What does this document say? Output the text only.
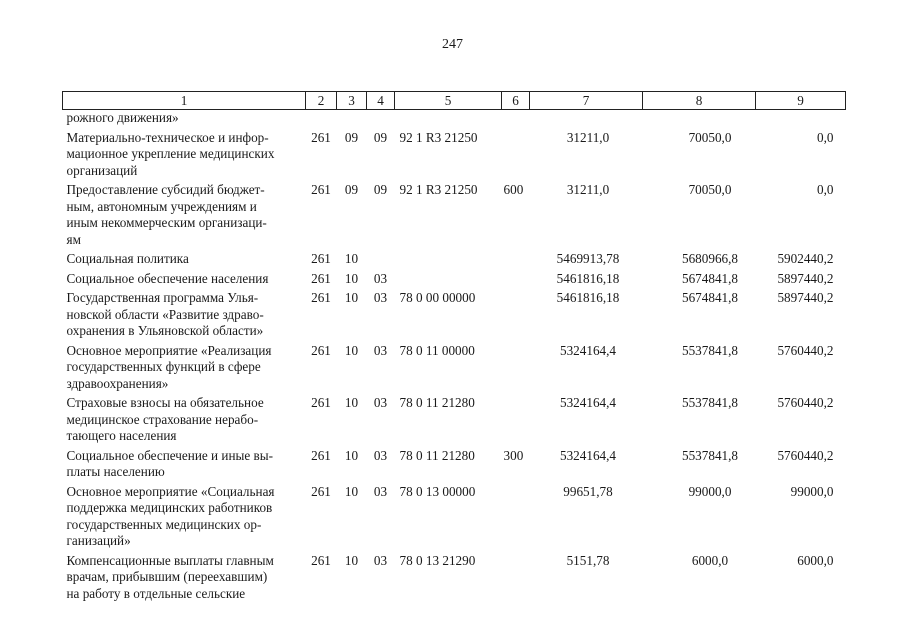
247
1	2	3	4	5	6	7	8	9

рожного движения»								

Материально-техническое и инфор-
мационное укрепление медицинских
организаций	261	09	09	92 1 R3 21250		31211,0	70050,0	0,0

Предоставление субсидий бюджет-
ным, автономным учреждениям и
иным некоммерческим организаци-
ям	261	09	09	92 1 R3 21250	600	31211,0	70050,0	0,0

Социальная политика	261	10				5469913,78	5680966,8	5902440,2

Социальное обеспечение населения	261	10	03			5461816,18	5674841,8	5897440,2

Государственная программа Улья-
новской области «Развитие здраво-
охранения в Ульяновской области»	261	10	03	78 0 00 00000		5461816,18	5674841,8	5897440,2

Основное мероприятие «Реализация
государственных функций в сфере
здравоохранения»	261	10	03	78 0 11 00000		5324164,4	5537841,8	5760440,2

Страховые взносы на обязательное
медицинское страхование нерабо-
тающего населения	261	10	03	78 0 11 21280		5324164,4	5537841,8	5760440,2

Социальное обеспечение и иные вы-
платы населению	261	10	03	78 0 11 21280	300	5324164,4	5537841,8	5760440,2

Основное мероприятие «Социальная
поддержка медицинских работников
государственных медицинских ор-
ганизаций»	261	10	03	78 0 13 00000		99651,78	99000,0	99000,0

Компенсационные выплаты главным
врачам, прибывшим (переехавшим)
на работу в отдельные сельские	261	10	03	78 0 13 21290		5151,78	6000,0	6000,0
